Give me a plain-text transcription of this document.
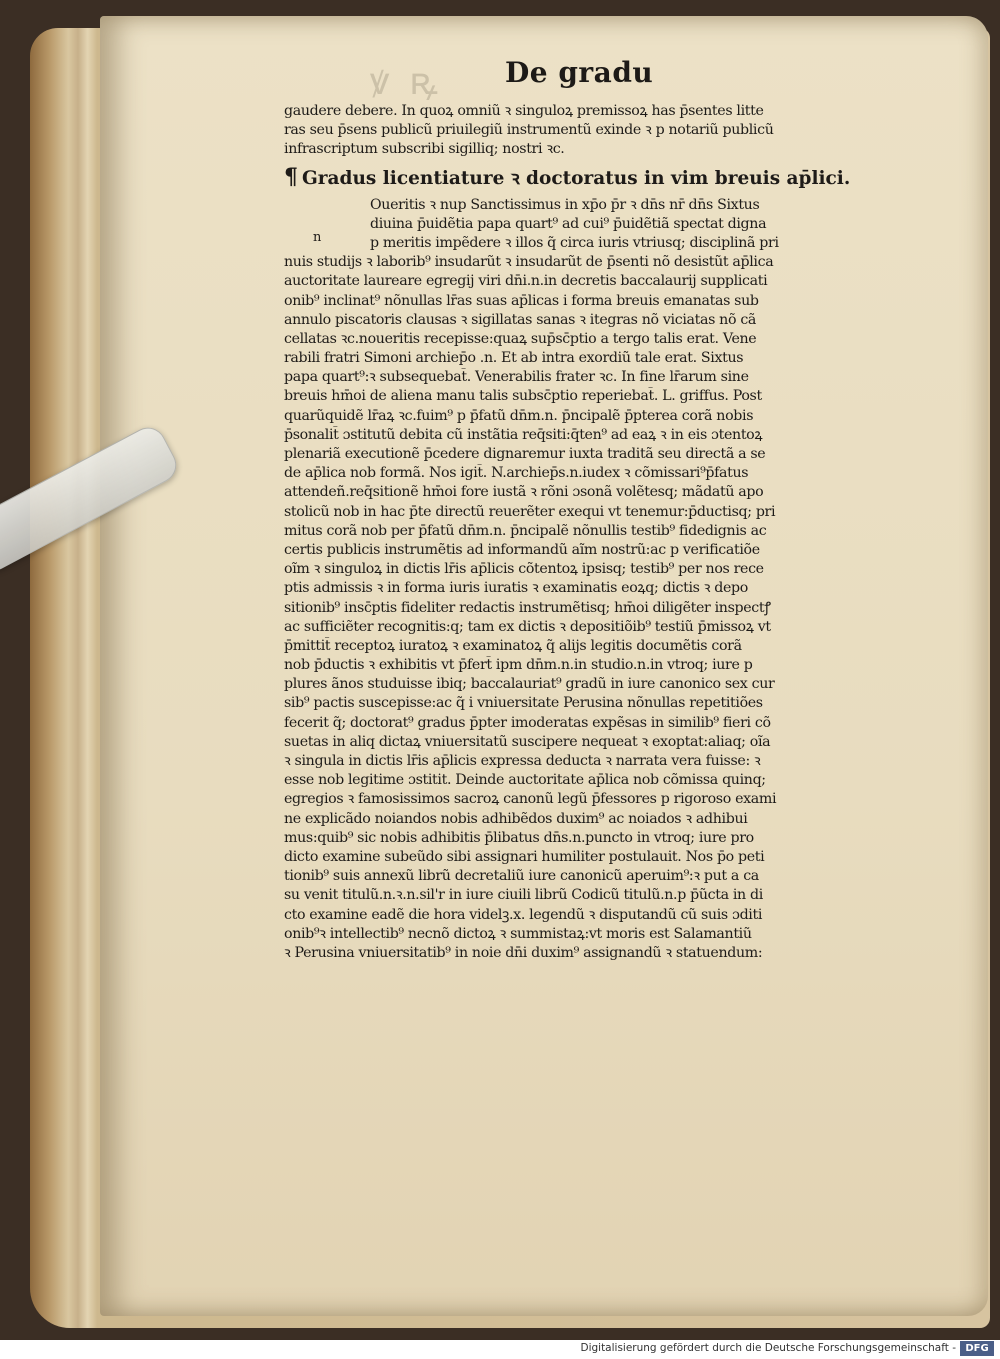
ꝟ ꝶ De gradu
gaudere debere. In quoꝝ omniũ ꝛ singuloꝝ premissoꝝ has p̄sentes litte
ras seu p̄sens publicũ priuilegiũ instrumentũ exinde ꝛ p notariũ publicũ
infrascriptum subscribi sigilliq; nostri ꝛc.
¶ Gradus licentiature ꝛ doctoratus in vim breuis ap̄lici.
Oueritis ꝛ nup Sanctissimus in xp̄o p̄r ꝛ dn̄s nr̄ dn̄s Sixtus
diuina p̄uidẽtia papa quart⁹ ad cui⁹ p̄uidẽtiã spectat digna
p meritis impẽdere ꝛ illos q̃ circa iuris vtriusq; disciplinã pri
nuis studijs ꝛ laborib⁹ insudarũt ꝛ insudarũt de p̄senti nõ desistũt ap̄lica
auctoritate laureare egregij viri dn̄i.n.in decretis baccalaurij supplicati
onib⁹ inclinat⁹ nõnullas lr̄as suas ap̄licas i forma breuis emanatas sub
annulo piscatoris clausas ꝛ sigillatas sanas ꝛ itegras nõ viciatas nõ cã
cellatas ꝛc.noueritis recepisse:quaꝝ sup̄sc̄ptio a tergo talis erat. Vene
rabili fratri Simoni archiep̄o .n. Et ab intra exordiũ tale erat. Sixtus
papa quart⁹:ꝛ subsequebat̄. Venerabilis frater ꝛc. In fine lr̄arum sine
breuis hm̄oi de aliena manu talis subsc̄ptio reperiebat̄. L. griffus. Post
quarũquidẽ lr̄aꝝ ꝛc.fuim⁹ p p̄fatũ dn̄m.n. p̄ncipalẽ p̄pterea corã nobis
p̄sonalit̄ ɔstitutũ debita cũ instãtia req̄siti:q̄ten⁹ ad eaꝝ ꝛ in eis ɔtentoꝝ
plenariã executionẽ p̄cedere dignaremur iuxta traditã seu directã a se
de ap̄lica nob formã. Nos igit̄. N.archiep̄s.n.iudex ꝛ cõmissari⁹p̄fatus
attendeñ.req̄sitionẽ hm̄oi fore iustã ꝛ rõni ɔsonã volẽtesq; mãdatũ apo
stolicũ nob in hac p̄te directũ reuerẽter exequi vt tenemur:p̄ductisq; pri
mitus corã nob per p̄fatũ dn̄m.n. p̄ncipalẽ nõnullis testib⁹ fidedignis ac
certis publicis instrumẽtis ad informandũ aĩm nostrũ:ac p verificatiõe
oĩm ꝛ singuloꝝ in dictis lr̄is ap̄licis cõtentoꝝ ipsisq; testib⁹ per nos rece
ptis admissis ꝛ in forma iuris iuratis ꝛ examinatis eoꝝq; dictis ꝛ depo
sitionib⁹ insc̄ptis fideliter redactis instrumẽtisq; hm̄oi diligẽter inspectꝭ
ac sufficiẽter recognitis:q; tam ex dictis ꝛ depositiõib⁹ testiũ p̄missoꝝ vt
p̄mittit̄ receptoꝝ iuratoꝝ ꝛ examinatoꝝ q̃ alijs legitis documẽtis corã
nob p̄ductis ꝛ exhibitis vt p̄fert̄ ipm dn̄m.n.in studio.n.in vtroq; iure p
plures ãnos studuisse ibiq; baccalauriat⁹ gradũ in iure canonico sex cur
sib⁹ pactis suscepisse:ac q̃ i vniuersitate Perusina nõnullas repetitiões
fecerit q̃; doctorat⁹ gradus p̄pter imoderatas expẽsas in similib⁹ fieri cõ
suetas in aliq dictaꝝ vniuersitatũ suscipere nequeat ꝛ exoptat:aliaq; oĩa
ꝛ singula in dictis lr̄is ap̄licis expressa deducta ꝛ narrata vera fuisse: ꝛ
esse nob legitime ɔstitit. Deinde auctoritate ap̄lica nob cõmissa quinq;
egregios ꝛ famosissimos sacroꝝ canonũ legũ p̄fessores p rigoroso exami
ne explicãdo noiandos nobis adhibẽdos duxim⁹ ac noiados ꝛ adhibui
mus:quib⁹ sic nobis adhibitis p̄libatus dn̄s.n.puncto in vtroq; iure pro
dicto examine subeũdo sibi assignari humiliter postulauit. Nos p̄o peti
tionib⁹ suis annexũ librũ decretaliũ iure canonicũ aperuim⁹:ꝛ put a ca
su venit titulũ.n.ꝛ.n.sil'r in iure ciuili librũ Codicũ titulũ.n.p p̄ũcta in di
cto examine eadẽ die hora videlꝫ.x. legendũ ꝛ disputandũ cũ suis ɔditi
onib⁹ꝛ intellectib⁹ necnõ dictoꝝ ꝛ summistaꝝ:vt moris est Salamantiũ
ꝛ Perusina vniuersitatib⁹ in noie dn̄i duxim⁹ assignandũ ꝛ statuendum:
n
Digitalisierung gefördert durch die Deutsche Forschungsgemeinschaft - DFG
